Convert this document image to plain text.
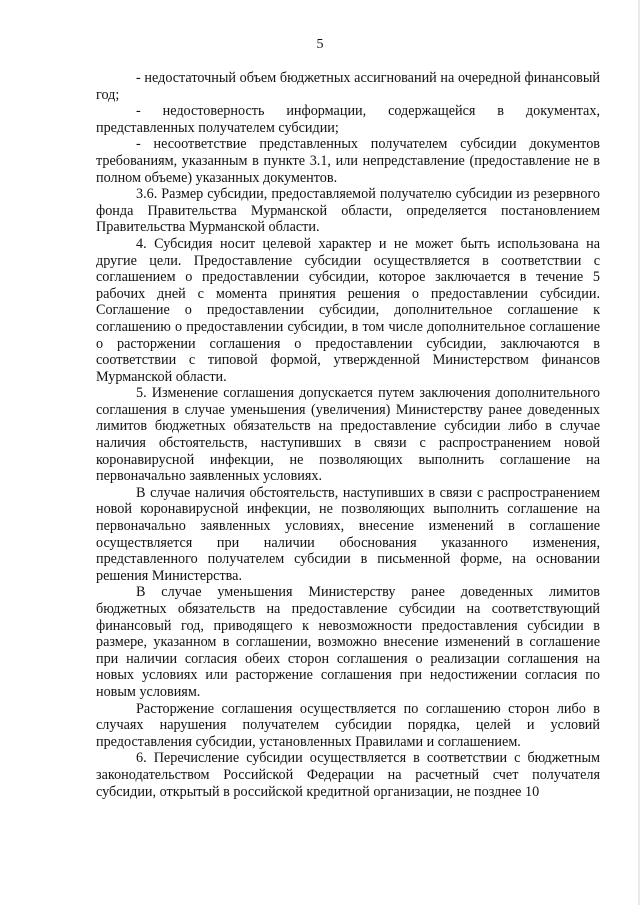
5

- недостаточный объем бюджетных ассигнований на очередной финансовый год;

- недостоверность информации, содержащейся в документах, представленных получателем субсидии;

- несоответствие представленных получателем субсидии документов требованиям, указанным в пункте 3.1, или непредставление (предоставление не в полном объеме) указанных документов.

3.6. Размер субсидии, предоставляемой получателю субсидии из резервного фонда Правительства Мурманской области, определяется постановлением Правительства Мурманской области.

4. Субсидия носит целевой характер и не может быть использована на другие цели. Предоставление субсидии осуществляется в соответствии с соглашением о предоставлении субсидии, которое заключается в течение 5 рабочих дней с момента принятия решения о предоставлении субсидии. Соглашение о предоставлении субсидии, дополнительное соглашение к соглашению о предоставлении субсидии, в том числе дополнительное соглашение о расторжении соглашения о предоставлении субсидии, заключаются в соответствии с типовой формой, утвержденной Министерством финансов Мурманской области.

5. Изменение соглашения допускается путем заключения дополнительного соглашения в случае уменьшения (увеличения) Министерству ранее доведенных лимитов бюджетных обязательств на предоставление субсидии либо в случае наличия обстоятельств, наступивших в связи с распространением новой коронавирусной инфекции, не позволяющих выполнить соглашение на первоначально заявленных условиях.

В случае наличия обстоятельств, наступивших в связи с распространением новой коронавирусной инфекции, не позволяющих выполнить соглашение на первоначально заявленных условиях, внесение изменений в соглашение осуществляется при наличии обоснования указанного изменения, представленного получателем субсидии в письменной форме, на основании решения Министерства.

В случае уменьшения Министерству ранее доведенных лимитов бюджетных обязательств на предоставление субсидии на соответствующий финансовый год, приводящего к невозможности предоставления субсидии в размере, указанном в соглашении, возможно внесение изменений в соглашение при наличии согласия обеих сторон соглашения о реализации соглашения на новых условиях или расторжение соглашения при недостижении согласия по новым условиям.

Расторжение соглашения осуществляется по соглашению сторон либо в случаях нарушения получателем субсидии порядка, целей и условий предоставления субсидии, установленных Правилами и соглашением.

6. Перечисление субсидии осуществляется в соответствии с бюджетным законодательством Российской Федерации на расчетный счет получателя субсидии, открытый в российской кредитной организации, не позднее 10
